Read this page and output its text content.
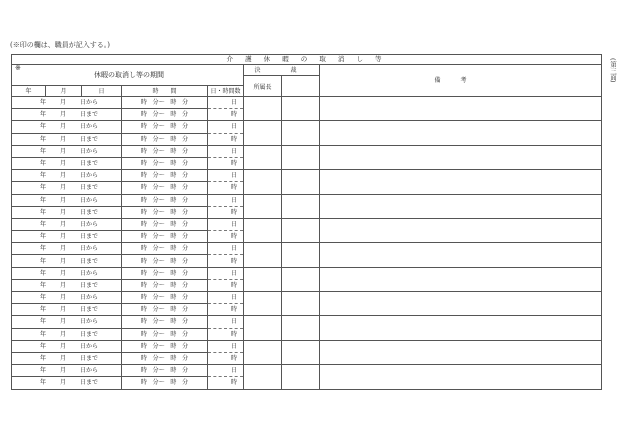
(※印の欄は、職員が記入する。)
(第三面)
介 護 休 暇 の 取 消 し 等							

※
休暇の取消し等の期間					決　裁		備考
					所属長		
年	月	日	時　　間	日・時間数			
年 月 日から			時 分〜 時 分	日			
年 月 日まで			時 分〜 時 分	時			
年 月 日から			時 分〜 時 分	日			
年 月 日まで			時 分〜 時 分	時			
年 月 日から			時 分〜 時 分	日			
年 月 日まで			時 分〜 時 分	時			
年 月 日から			時 分〜 時 分	日			
年 月 日まで			時 分〜 時 分	時			
年 月 日から			時 分〜 時 分	日			
年 月 日まで			時 分〜 時 分	時			
年 月 日から			時 分〜 時 分	日			
年 月 日まで			時 分〜 時 分	時			
年 月 日から			時 分〜 時 分	日			
年 月 日まで			時 分〜 時 分	時			
年 月 日から			時 分〜 時 分	日			
年 月 日まで			時 分〜 時 分	時			
年 月 日から			時 分〜 時 分	日			
年 月 日まで			時 分〜 時 分	時			
年 月 日から			時 分〜 時 分	日			
年 月 日まで			時 分〜 時 分	時			
年 月 日から			時 分〜 時 分	日			
年 月 日まで			時 分〜 時 分	時			
年 月 日から			時 分〜 時 分	日			
年 月 日まで			時 分〜 時 分	時			
